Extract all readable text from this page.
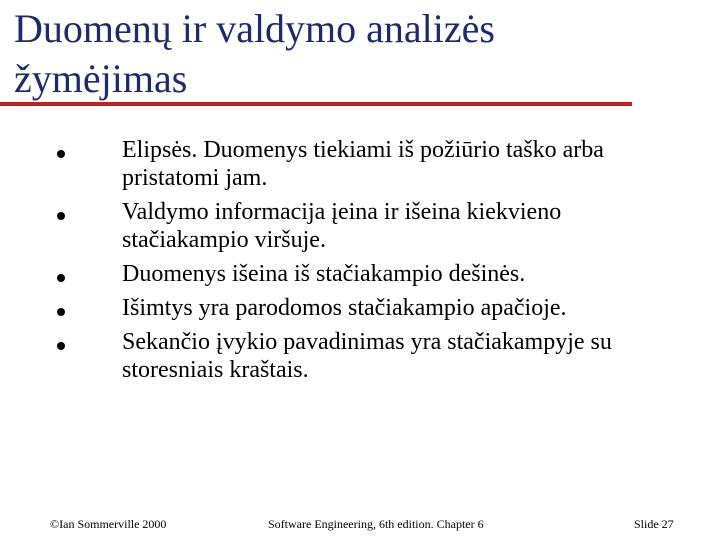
Duomenų ir valdymo analizės žymėjimas
Elipsės. Duomenys tiekiami iš požiūrio taško arba pristatomi jam.
Valdymo informacija įeina ir išeina kiekvieno stačiakampio viršuje.
Duomenys išeina iš stačiakampio dešinės.
Išimtys yra parodomos stačiakampio apačioje.
Sekančio įvykio pavadinimas yra stačiakampyje su storesniais kraštais.
©Ian Sommerville 2000	Software Engineering, 6th edition. Chapter 6	Slide 27
